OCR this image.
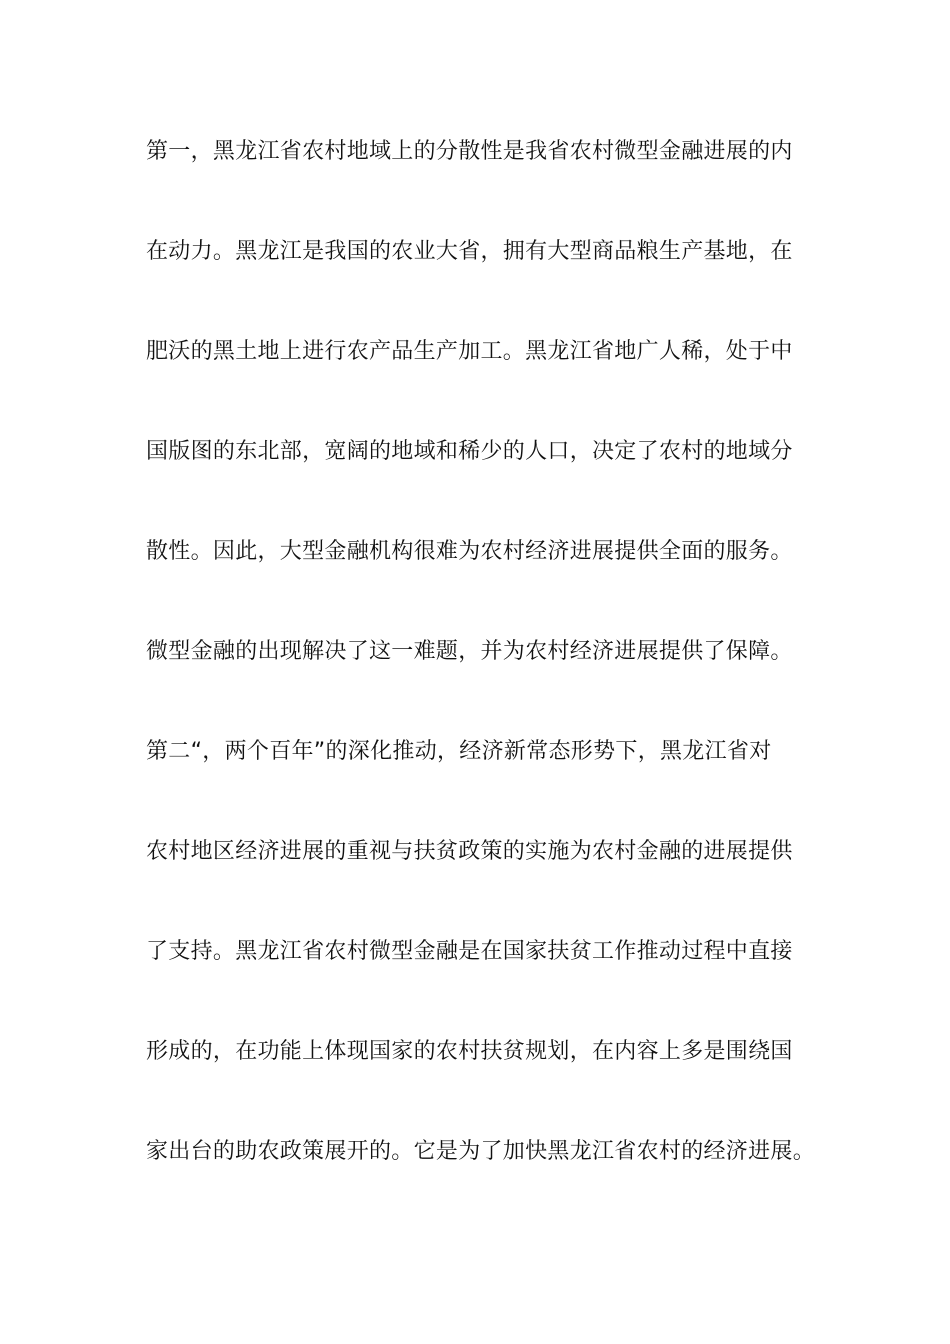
第一，黑龙江省农村地域上的分散性是我省农村微型金融进展的内
在动力。黑龙江是我国的农业大省，拥有大型商品粮生产基地，在
肥沃的黑土地上进行农产品生产加工。黑龙江省地广人稀，处于中
国版图的东北部，宽阔的地域和稀少的人口，决定了农村的地域分
散性。因此，大型金融机构很难为农村经济进展提供全面的服务。
微型金融的出现解决了这一难题，并为农村经济进展提供了保障。
第二“，两个百年”的深化推动，经济新常态形势下，黑龙江省对
农村地区经济进展的重视与扶贫政策的实施为农村金融的进展提供
了支持。黑龙江省农村微型金融是在国家扶贫工作推动过程中直接
形成的，在功能上体现国家的农村扶贫规划，在内容上多是围绕国
家出台的助农政策展开的。它是为了加快黑龙江省农村的经济进展。
